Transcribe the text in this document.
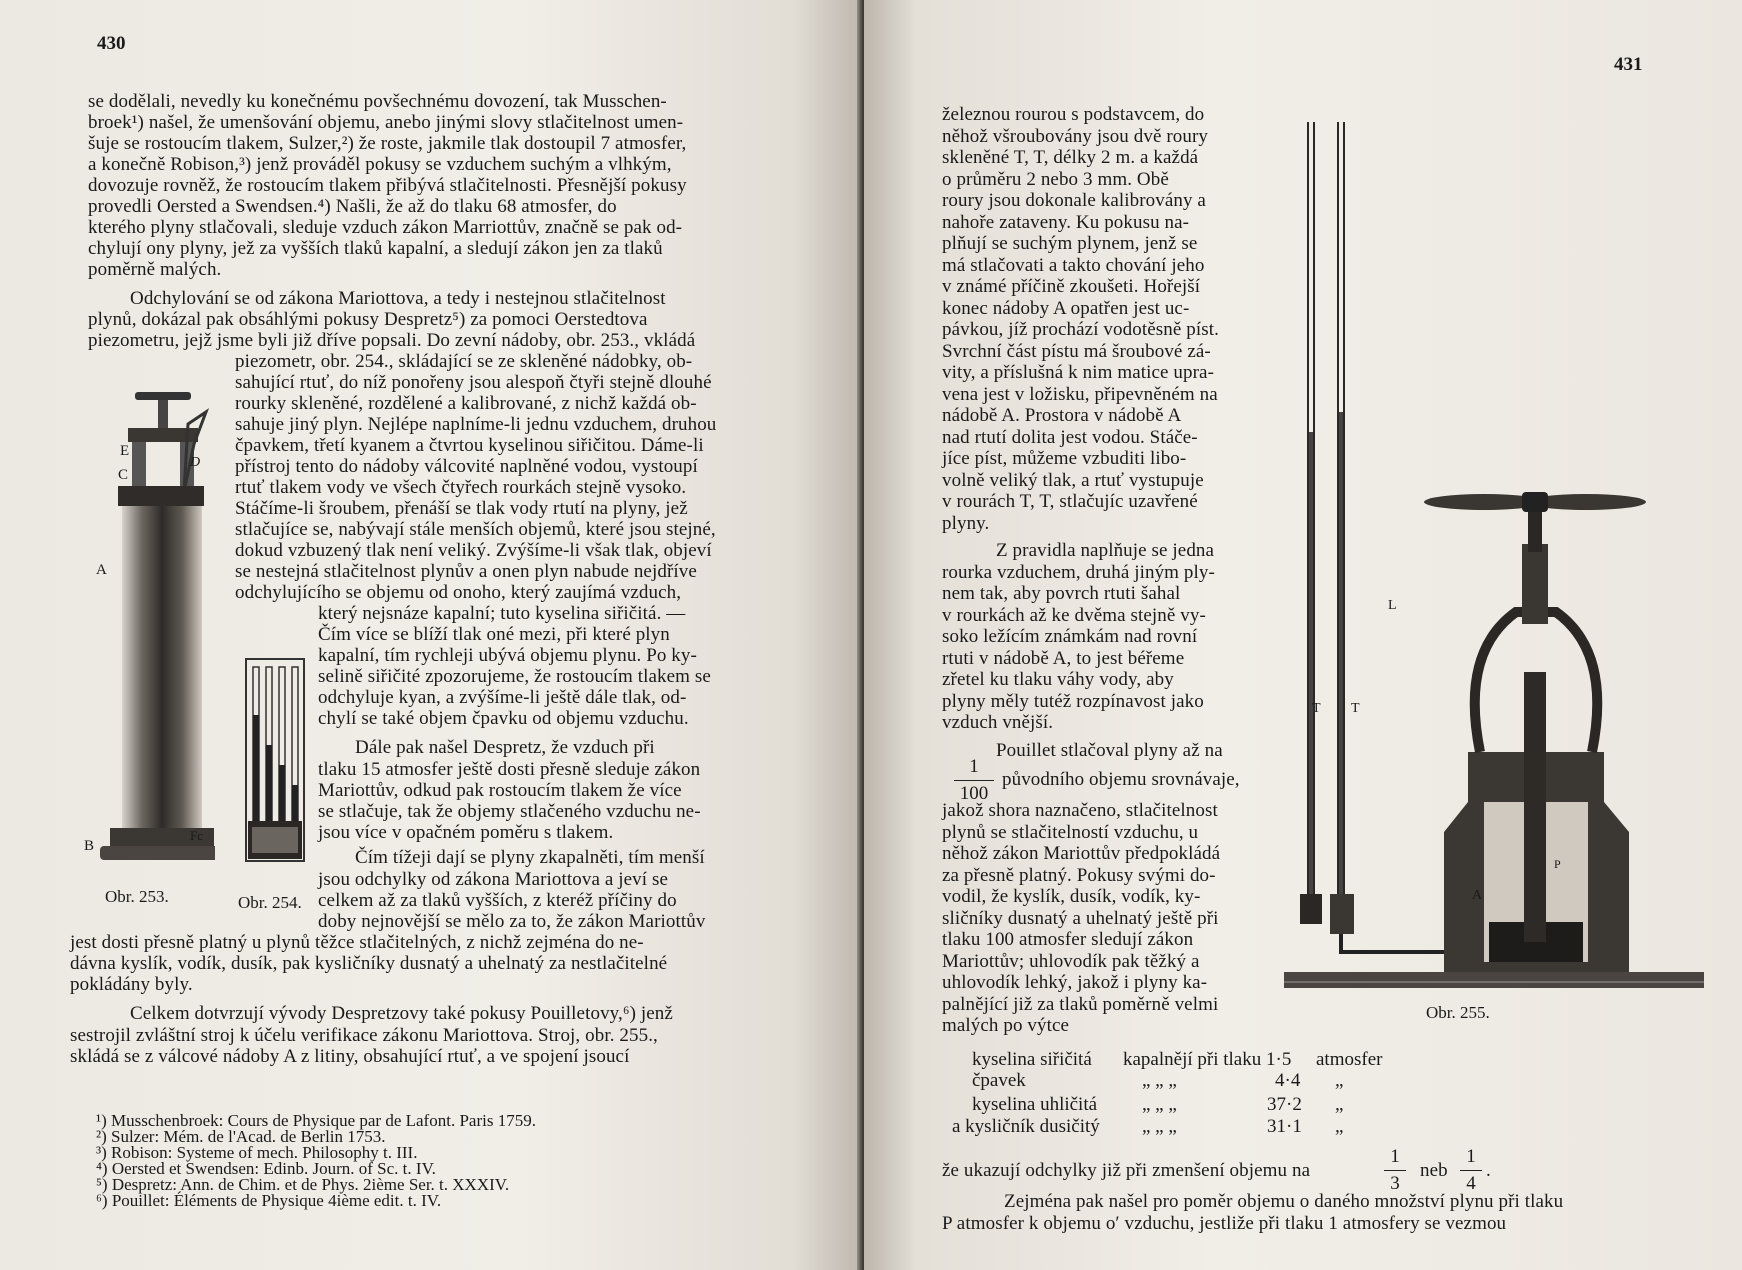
430
se dodělali, nevedly ku konečnému povšechnému dovození, tak Musschen-
broek¹) našel, že umenšování objemu, anebo jinými slovy stlačitelnost umen-
šuje se rostoucím tlakem, Sulzer,²) že roste, jakmile tlak dostoupil 7 atmosfer,
a konečně Robison,³) jenž prováděl pokusy se vzduchem suchým a vlhkým,
dovozuje rovněž, že rostoucím tlakem přibývá stlačitelnosti. Přesnější pokusy
provedli Oersted a Swendsen.⁴) Našli, že až do tlaku 68 atmosfer, do
kterého plyny stlačovali, sleduje vzduch zákon Marriottův, značně se pak od-
chylují ony plyny, jež za vyšších tlaků kapalní, a sledují zákon jen za tlaků
poměrně malých.
Odchylování se od zákona Mariottova, a tedy i nestejnou stlačitelnost
plynů, dokázal pak obsáhlými pokusy Despretz⁵) za pomoci Oerstedtova
piezometru, jejž jsme byli již dříve popsali. Do zevní nádoby, obr. 253., vkládá
piezometr, obr. 254., skládající se ze skleněné nádobky, ob-
sahující rtuť, do níž ponořeny jsou alespoň čtyři stejně dlouhé
rourky skleněné, rozdělené a kalibrované, z nichž každá ob-
sahuje jiný plyn. Nejlépe naplníme-li jednu vzduchem, druhou
čpavkem, třetí kyanem a čtvrtou kyselinou siřičitou. Dáme-li
přístroj tento do nádoby válcovité naplněné vodou, vystoupí
rtuť tlakem vody ve všech čtyřech rourkách stejně vysoko.
Stáčíme-li šroubem, přenáší se tlak vody rtutí na plyny, jež
stlačujíce se, nabývají stále menších objemů, které jsou stejné,
dokud vzbuzený tlak není veliký. Zvýšíme-li však tlak, objeví
se nestejná stlačitelnost plynův a onen plyn nabude nejdříve
odchylujícího se objemu od onoho, který zaujímá vzduch,
který nejsnáze kapalní; tuto kyselina siřičitá. —
Čím více se blíží tlak oné mezi, při které plyn
kapalní, tím rychleji ubývá objemu plynu. Po ky-
selině siřičité zpozorujeme, že rostoucím tlakem se
odchyluje kyan, a zvýšíme-li ještě dále tlak, od-
chylí se také objem čpavku od objemu vzduchu.
Dále pak našel Despretz, že vzduch při
tlaku 15 atmosfer ještě dosti přesně sleduje zákon
Mariottův, odkud pak rostoucím tlakem že více
se stlačuje, tak že objemy stlačeného vzduchu ne-
jsou více v opačném poměru s tlakem.
Čím tížeji dají se plyny zkapalněti, tím menší
jsou odchylky od zákona Mariottova a jeví se
celkem až za tlaků vyšších, z kteréž příčiny do
doby nejnovější se mělo za to, že zákon Mariottův
jest dosti přesně platný u plynů těžce stlačitelných, z nichž zejména do ne-
dávna kyslík, vodík, dusík, pak kysličníky dusnatý a uhelnatý za nestlačitelné
pokládány byly.
Celkem dotvrzují vývody Despretzovy také pokusy Pouilletovy,⁶) jenž
sestrojil zvláštní stroj k účelu verifikace zákonu Mariottova. Stroj, obr. 255.,
skládá se z válcové nádoby A z litiny, obsahující rtuť, a ve spojení jsoucí
E
D
C
A
B
Fc
Obr. 253.	Obr. 254.
¹) Musschenbroek: Cours de Physique par de Lafont. Paris 1759.
²) Sulzer: Mém. de l'Acad. de Berlin 1753.
³) Robison: Systeme of mech. Philosophy t. III.
⁴) Oersted et Swendsen: Edinb. Journ. of Sc. t. IV.
⁵) Despretz: Ann. de Chim. et de Phys. 2ième Ser. t. XXXIV.
⁶) Pouillet: Éléments de Physique 4ième edit. t. IV.
431
železnou rourou s podstavcem, do
něhož všroubovány jsou dvě roury
skleněné T, T, délky 2 m. a každá
o průměru 2 nebo 3 mm. Obě
roury jsou dokonale kalibrovány a
nahoře zataveny. Ku pokusu na-
plňují se suchým plynem, jenž se
má stlačovati a takto chování jeho
v známé příčině zkoušeti. Hořejší
konec nádoby A opatřen jest uc-
pávkou, jíž prochází vodotěsně píst.
Svrchní část pístu má šroubové zá-
vity, a příslušná k nim matice upra-
vena jest v ložisku, připevněném na
nádobě A. Prostora v nádobě A
nad rtutí dolita jest vodou. Stáče-
jíce píst, můžeme vzbuditi libo-
volně veliký tlak, a rtuť vystupuje
v rourách T, T, stlačujíc uzavřené
plyny.
Z pravidla naplňuje se jedna
rourka vzduchem, druhá jiným ply-
nem tak, aby povrch rtuti šahal
v rourkách až ke dvěma stejně vy-
soko ležícím známkám nad rovní
rtuti v nádobě A, to jest béřeme
zřetel ku tlaku váhy vody, aby
plyny měly tutéž rozpínavost jako
vzduch vnější.
Pouillet stlačoval plyny až na
1
100
původního objemu srovnávaje,
jakož shora naznačeno, stlačitelnost
plynů se stlačitelností vzduchu, u
něhož zákon Mariottův předpokládá
za přesně platný. Pokusy svými do-
vodil, že kyslík, dusík, vodík, ky-
sličníky dusnatý a uhelnatý ještě při
tlaku 100 atmosfer sledují zákon
Mariottův; uhlovodík pak těžký a
uhlovodík lehký, jakož i plyny ka-
palnějící již za tlaků poměrně velmi
malých po výtce
L
T T
P
A
Obr. 255.
kyselina siřičitá kapalnějí při tlaku 1·5 atmosfer
čpavek	„ „ „	4·4 „
kyselina uhličitá „ „ „	37·2 „
a kysličník dusičitý „ „ „	31·1 „
že ukazují odchylky již při zmenšení objemu na
1
3
neb
1
4
.
Zejména pak našel pro poměr objemu o daného množství plynu při tlaku
P atmosfer k objemu o′ vzduchu, jestliže při tlaku 1 atmosfery se vezmou
